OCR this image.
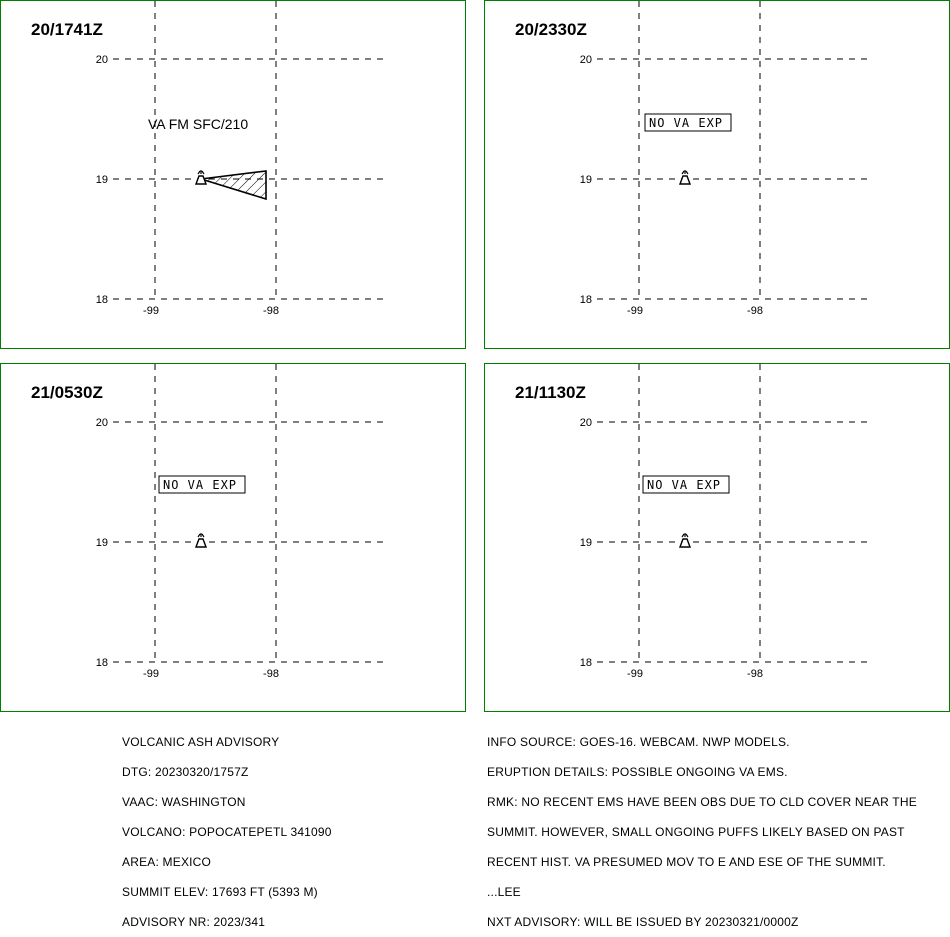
20/1741Z
20
19
18
-99	-98
VA FM SFC/210
20/2330Z
20
19
18
-99	-98
NO VA EXP
21/0530Z
20
19
18
-99	-98
NO VA EXP
21/1130Z
20
19
18
-99	-98
NO VA EXP

VOLCANIC ASH ADVISORY

DTG: 20230320/1757Z

VAAC: WASHINGTON

VOLCANO: POPOCATEPETL 341090

AREA: MEXICO

SUMMIT ELEV: 17693 FT (5393 M)

ADVISORY NR: 2023/341

INFO SOURCE: GOES-16. WEBCAM. NWP MODELS.

ERUPTION DETAILS: POSSIBLE ONGOING VA EMS.

RMK: NO RECENT EMS HAVE BEEN OBS DUE TO CLD COVER NEAR THE

SUMMIT. HOWEVER, SMALL ONGOING PUFFS LIKELY BASED ON PAST

RECENT HIST. VA PRESUMED MOV TO E AND ESE OF THE SUMMIT.

...LEE

NXT ADVISORY: WILL BE ISSUED BY 20230321/0000Z
